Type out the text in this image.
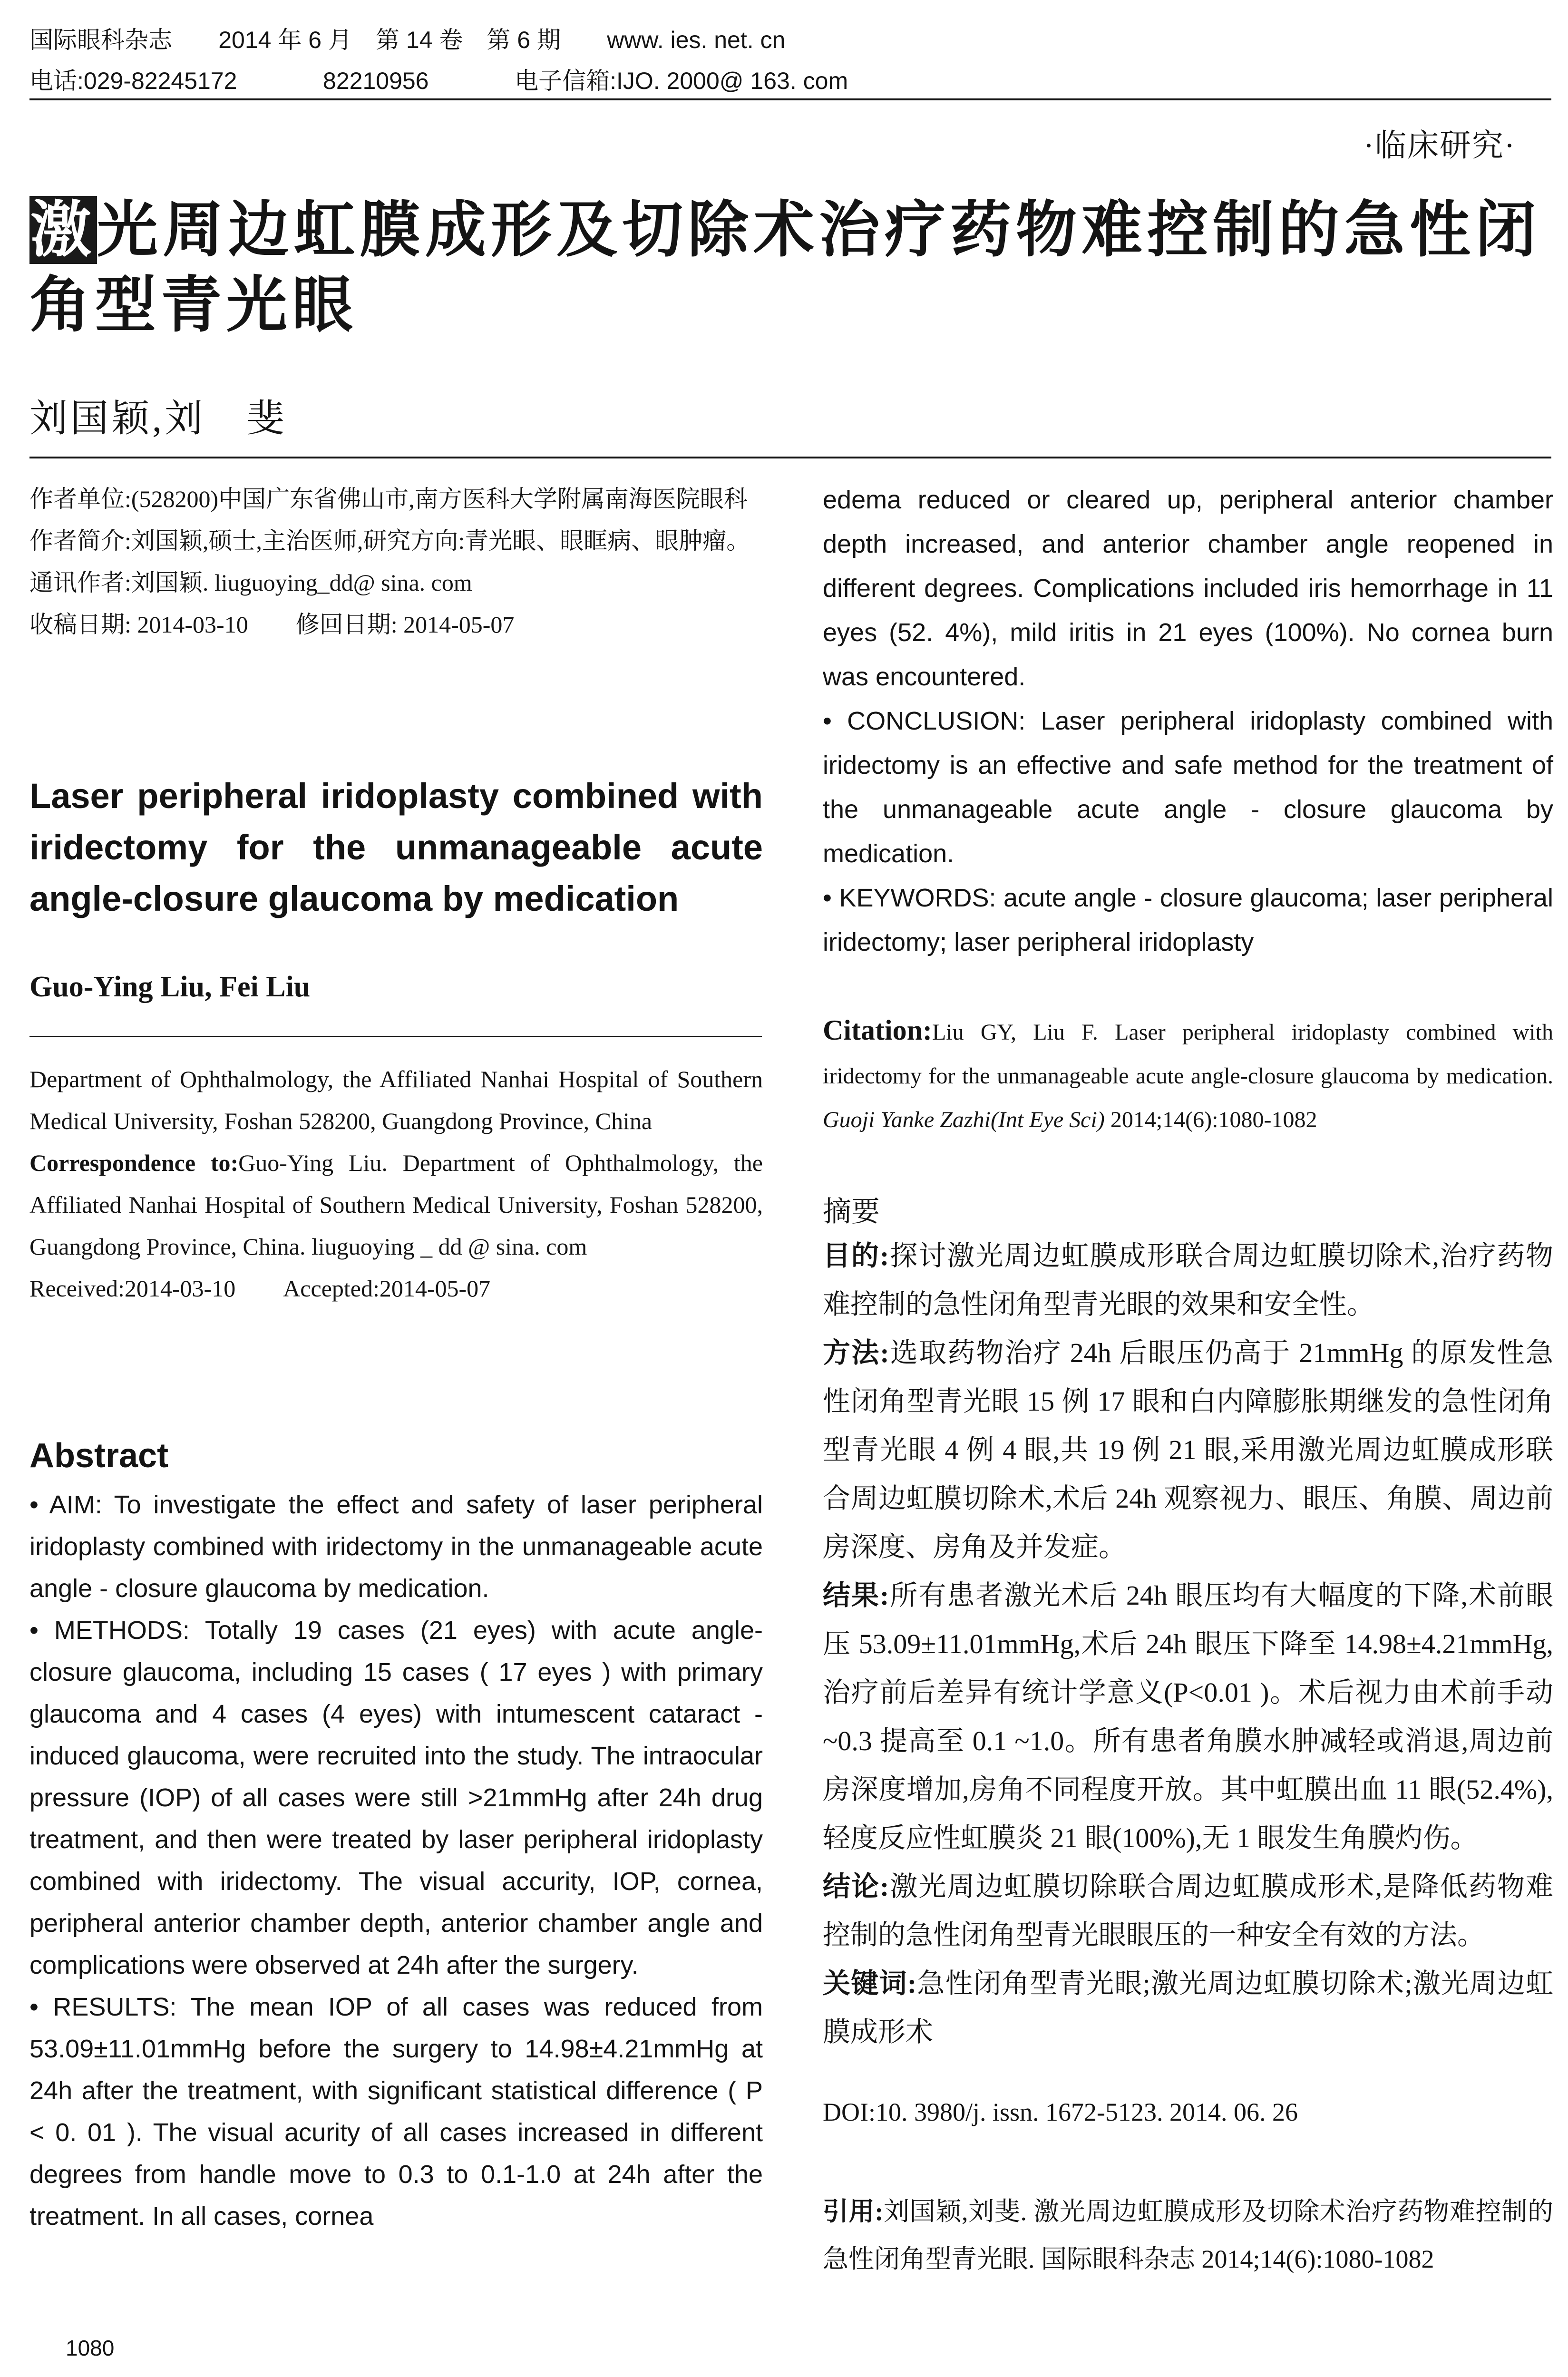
国际眼科杂志 2014 年 6 月　第 14 卷　第 6 期 www. ies. net. cn
电话:029-82245172	82210956	电子信箱:IJO. 2000@ 163. com
·临床研究·
激光周边虹膜成形及切除术治疗药物难控制的急性闭角型青光眼
刘国颖,刘　斐
作者单位:(528200)中国广东省佛山市,南方医科大学附属南海医院眼科
作者简介:刘国颖,硕士,主治医师,研究方向:青光眼、眼眶病、眼肿瘤。
通讯作者:刘国颖. liuguoying_dd@ sina. com
收稿日期: 2014-03-10　　修回日期: 2014-05-07
Laser peripheral iridoplasty combined with iridectomy for the unmanageable acute angle-closure glaucoma by medication
Guo-Ying Liu, Fei Liu
Department of Ophthalmology, the Affiliated Nanhai Hospital of Southern Medical University, Foshan 528200, Guangdong Province, China
Correspondence to:Guo-Ying Liu. Department of Ophthalmology, the Affiliated Nanhai Hospital of Southern Medical University, Foshan 528200, Guangdong Province, China. liuguoying _ dd @ sina. com
Received:2014-03-10　　Accepted:2014-05-07
Abstract

• AIM: To investigate the effect and safety of laser peripheral iridoplasty combined with iridectomy in the unmanageable acute angle - closure glaucoma by medication.

• METHODS: Totally 19 cases (21 eyes) with acute angle-closure glaucoma, including 15 cases ( 17 eyes ) with primary glaucoma and 4 cases (4 eyes) with intumescent cataract - induced glaucoma, were recruited into the study. The intraocular pressure (IOP) of all cases were still >21mmHg after 24h drug treatment, and then were treated by laser peripheral iridoplasty combined with iridectomy. The visual accurity, IOP, cornea, peripheral anterior chamber depth, anterior chamber angle and complications were observed at 24h after the surgery.

• RESULTS: The mean IOP of all cases was reduced from 53.09±11.01mmHg before the surgery to 14.98±4.21mmHg at 24h after the treatment, with significant statistical difference ( P < 0. 01 ). The visual acurity of all cases increased in different degrees from handle move to 0.3 to 0.1-1.0 at 24h after the treatment. In all cases, cornea

1080

edema reduced or cleared up, peripheral anterior chamber depth increased, and anterior chamber angle reopened in different degrees. Complications included iris hemorrhage in 11 eyes (52. 4%), mild iritis in 21 eyes (100%). No cornea burn was encountered.

• CONCLUSION: Laser peripheral iridoplasty combined with iridectomy is an effective and safe method for the treatment of the unmanageable acute angle - closure glaucoma by medication.

• KEYWORDS: acute angle - closure glaucoma; laser peripheral iridectomy; laser peripheral iridoplasty

Citation:Liu GY, Liu F. Laser peripheral iridoplasty combined with iridectomy for the unmanageable acute angle-closure glaucoma by medication. Guoji Yanke Zazhi(Int Eye Sci) 2014;14(6):1080-1082
摘要

目的:探讨激光周边虹膜成形联合周边虹膜切除术,治疗药物难控制的急性闭角型青光眼的效果和安全性。

方法:选取药物治疗 24h 后眼压仍高于 21mmHg 的原发性急性闭角型青光眼 15 例 17 眼和白内障膨胀期继发的急性闭角型青光眼 4 例 4 眼,共 19 例 21 眼,采用激光周边虹膜成形联合周边虹膜切除术,术后 24h 观察视力、眼压、角膜、周边前房深度、房角及并发症。

结果:所有患者激光术后 24h 眼压均有大幅度的下降,术前眼压 53.09±11.01mmHg,术后 24h 眼压下降至 14.98±4.21mmHg,治疗前后差异有统计学意义(P<0.01 )。术后视力由术前手动~0.3 提高至 0.1 ~1.0。所有患者角膜水肿减轻或消退,周边前房深度增加,房角不同程度开放。其中虹膜出血 11 眼(52.4%),轻度反应性虹膜炎 21 眼(100%),无 1 眼发生角膜灼伤。

结论:激光周边虹膜切除联合周边虹膜成形术,是降低药物难控制的急性闭角型青光眼眼压的一种安全有效的方法。

关键词:急性闭角型青光眼;激光周边虹膜切除术;激光周边虹膜成形术

DOI:10. 3980/j. issn. 1672-5123. 2014. 06. 26
引用:刘国颖,刘斐. 激光周边虹膜成形及切除术治疗药物难控制的急性闭角型青光眼. 国际眼科杂志 2014;14(6):1080-1082
